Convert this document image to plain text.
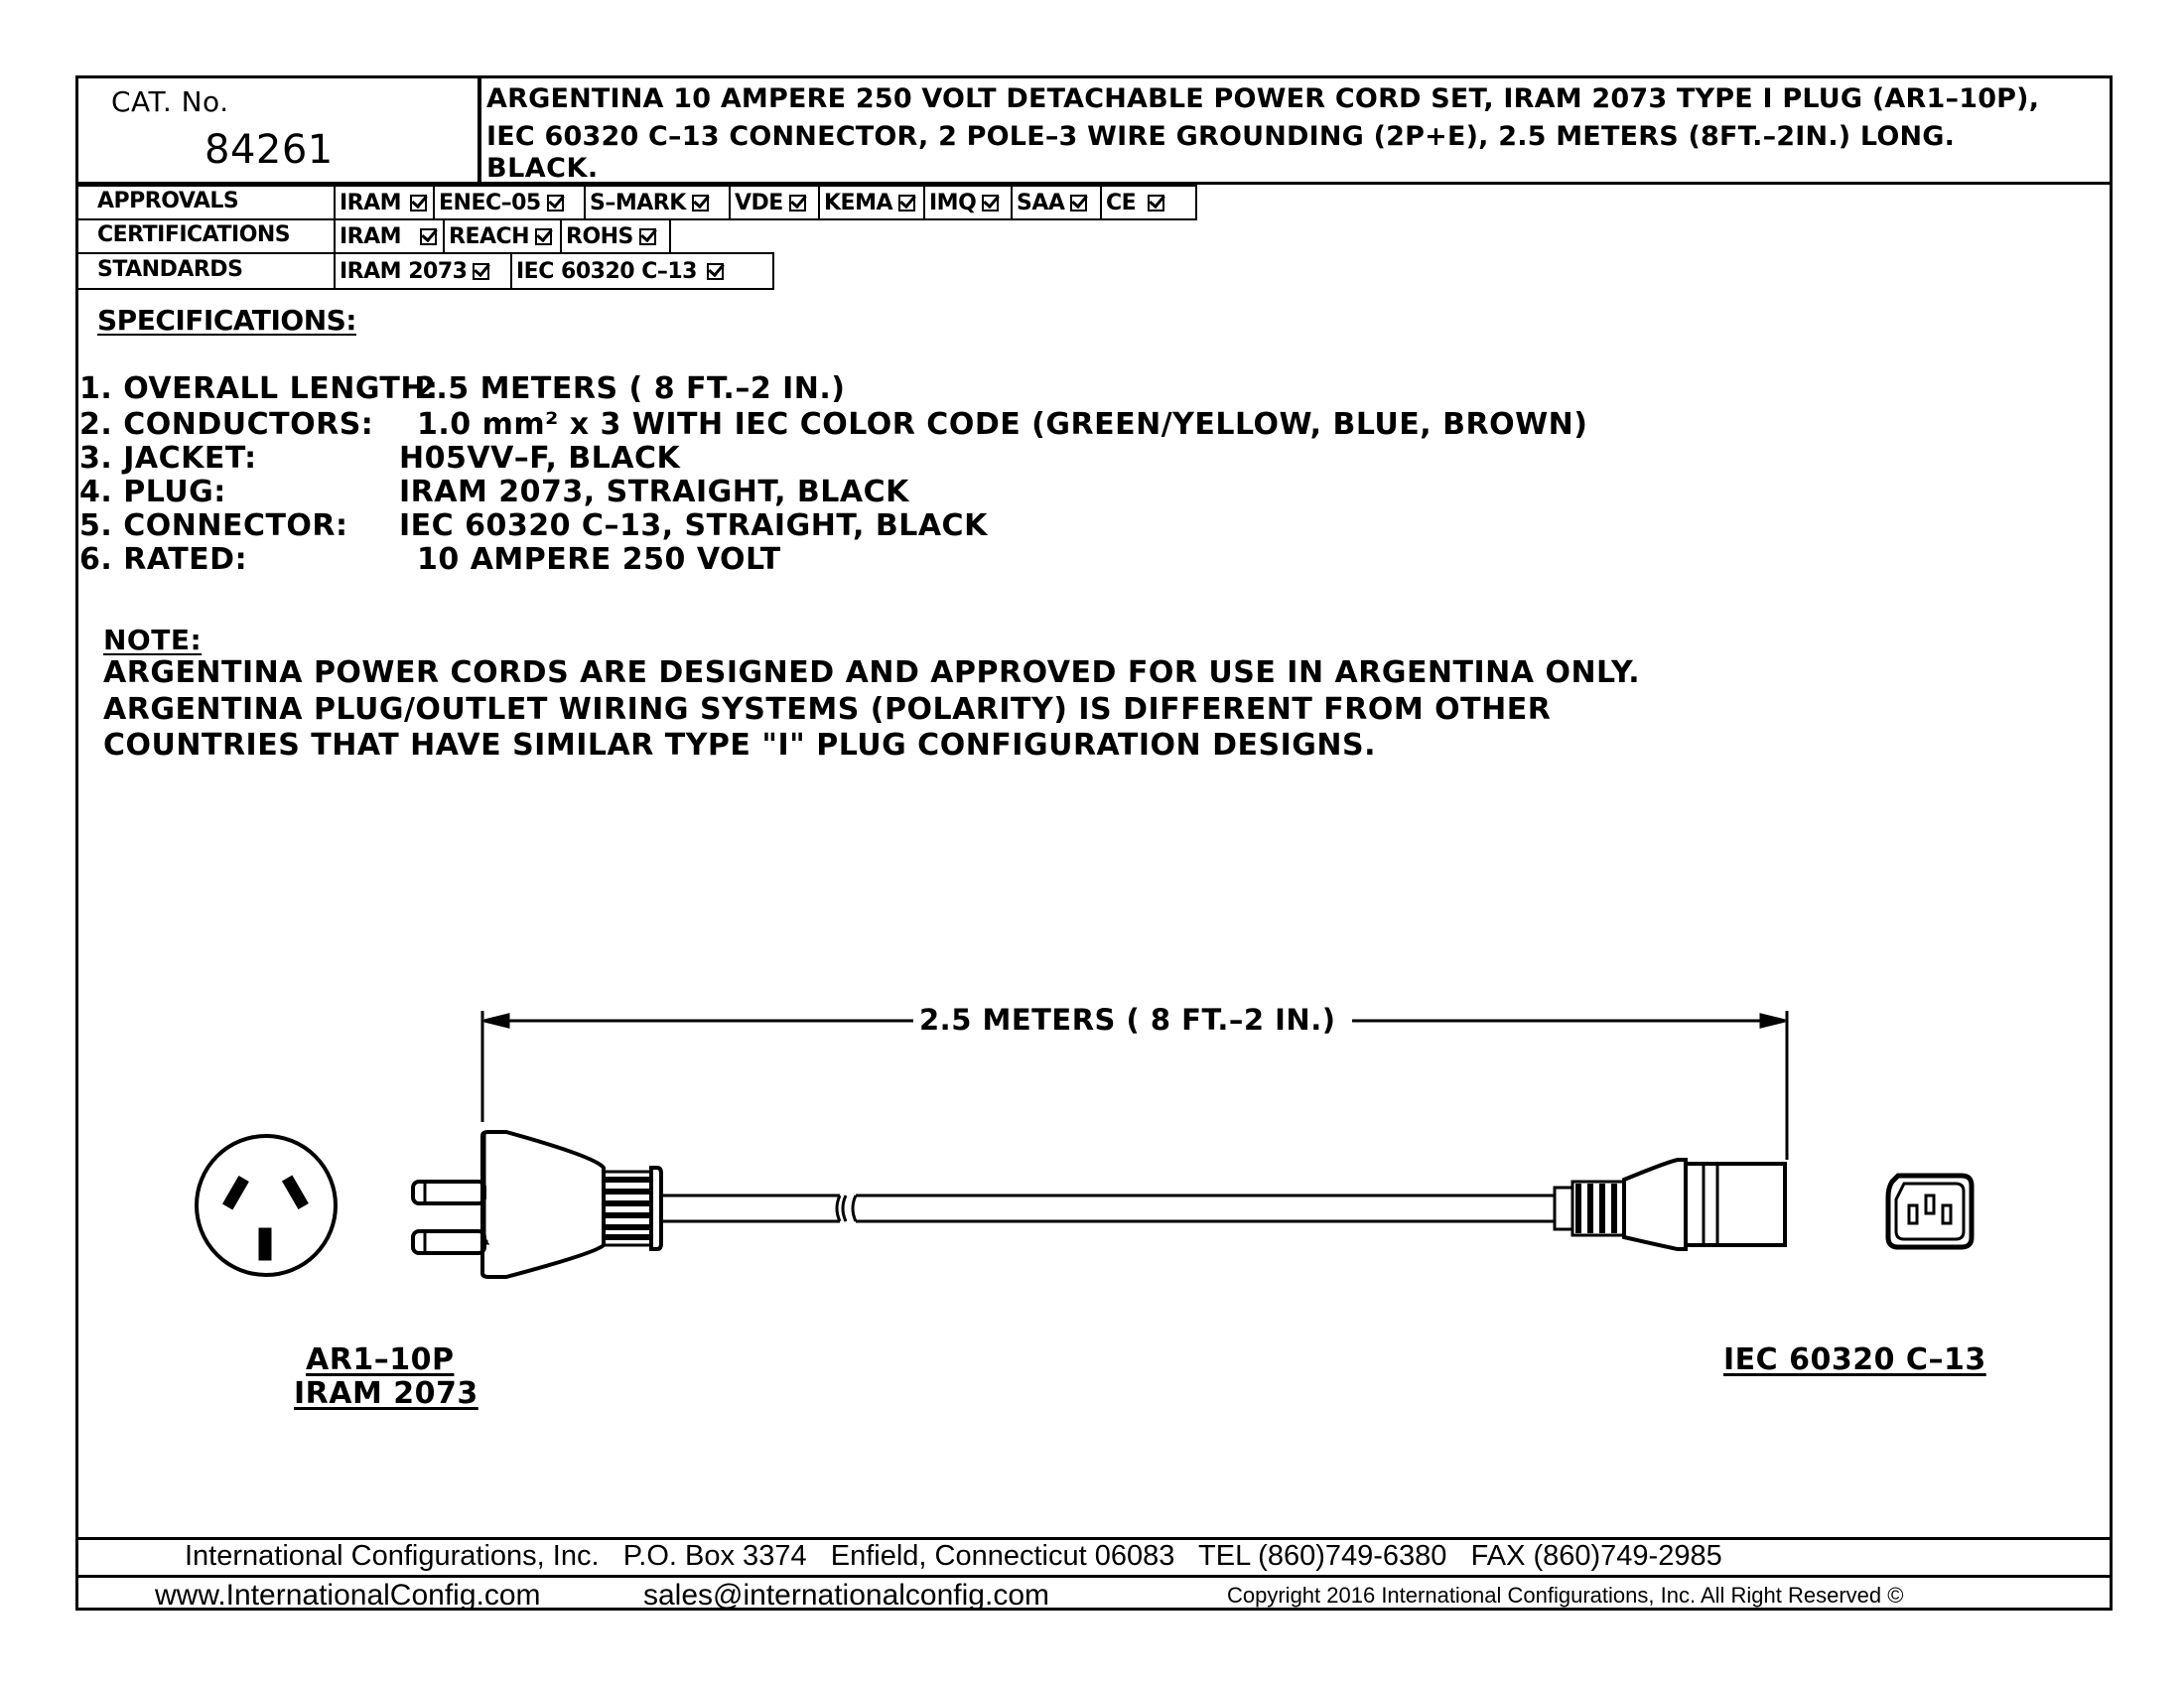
CAT. No.
84261
ARGENTINA 10 AMPERE 250 VOLT DETACHABLE POWER CORD SET, IRAM 2073 TYPE I PLUG (AR1–10P),
IEC 60320 C–13 CONNECTOR, 2 POLE–3 WIRE GROUNDING (2P+E), 2.5 METERS (8FT.–2IN.) LONG.
BLACK.
APPROVALS	IRAM ENEC–05 S–MARK VDE KEMA IMQ SAA CE
CERTIFICATIONS IRAM REACH ROHS
STANDARDS	IRAM 2073 IEC 60320 C–13
SPECIFICATIONS:
1. OVERALL LENGTH:
2.5 METERS ( 8 FT.–2 IN.)
2. CONDUCTORS: 1.0 mm² x 3 WITH IEC COLOR CODE (GREEN/YELLOW, BLUE, BROWN)
3. JACKET:	H05VV–F, BLACK
4. PLUG:	IRAM 2073, STRAIGHT, BLACK
5. CONNECTOR: IEC 60320 C–13, STRAIGHT, BLACK
6. RATED:	10 AMPERE 250 VOLT
NOTE:
ARGENTINA POWER CORDS ARE DESIGNED AND APPROVED FOR USE IN ARGENTINA ONLY.
ARGENTINA PLUG/OUTLET WIRING SYSTEMS (POLARITY) IS DIFFERENT FROM OTHER
COUNTRIES THAT HAVE SIMILAR TYPE "I" PLUG CONFIGURATION DESIGNS.
2.5 METERS ( 8 FT.–2 IN.)
AR1–10P
IRAM 2073
IEC 60320 C–13
International Configurations, Inc.   P.O. Box 3374   Enfield, Connecticut 06083   TEL (860)749-6380   FAX (860)749-2985
www.InternationalConfig.com	sales@internationalconfig.com	Copyright 2016 International Configurations, Inc. All Right Reserved ©
